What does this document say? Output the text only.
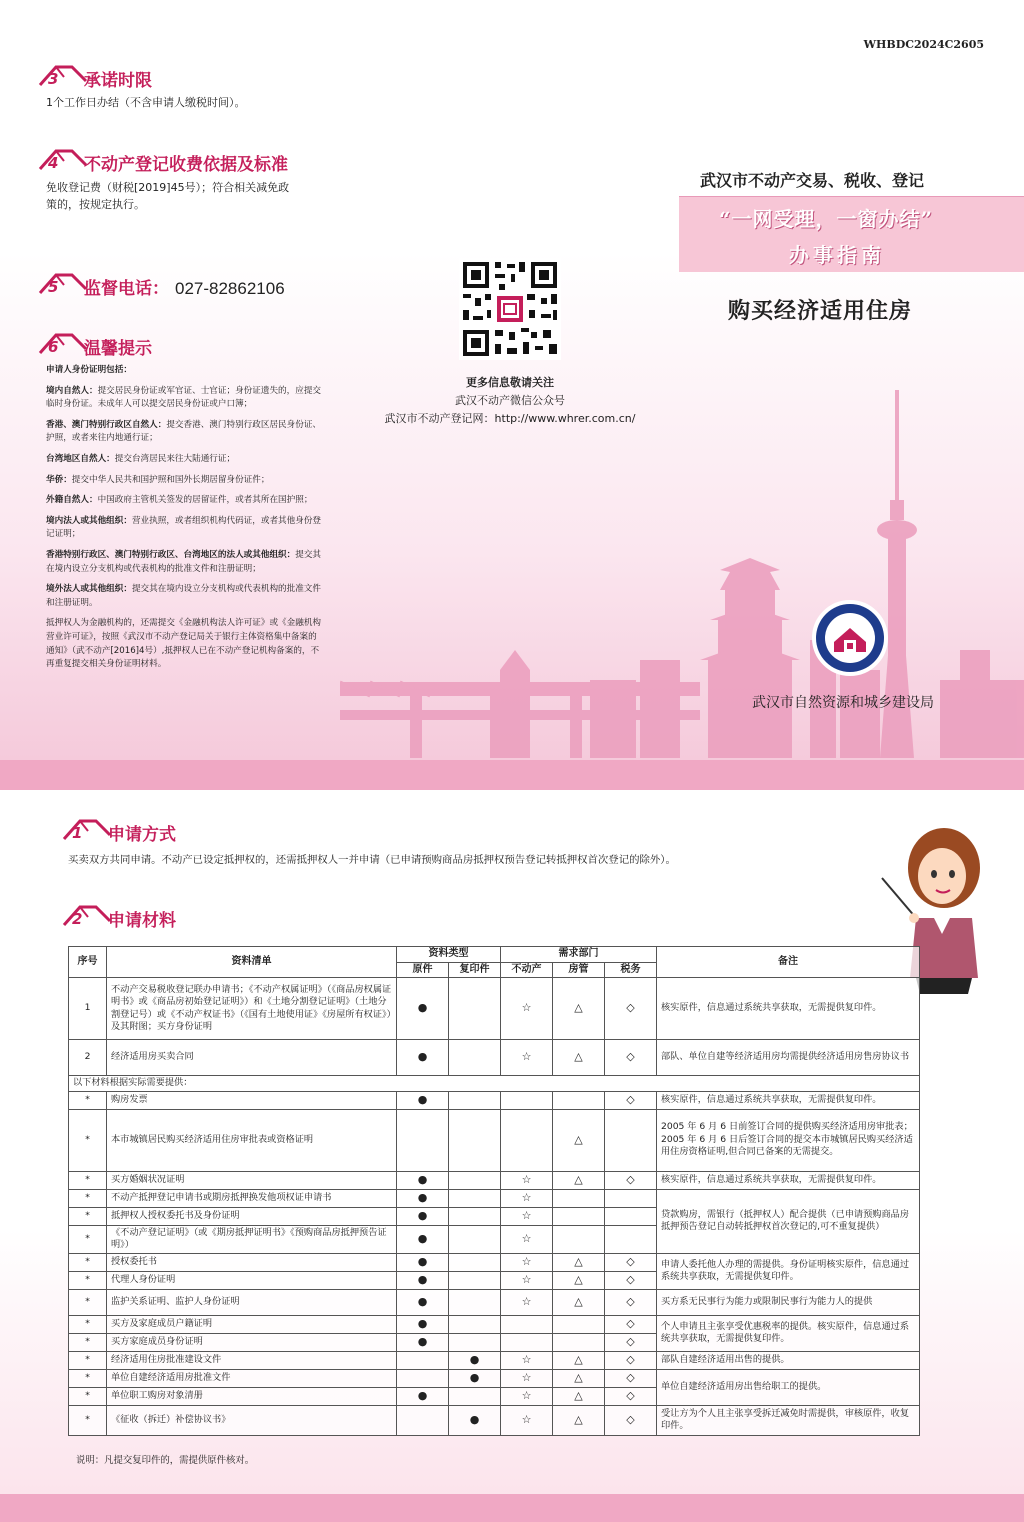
WHBDC2024C2605
3 承诺时限
1个工作日办结（不含申请人缴税时间）。
4 不动产登记收费依据及标准
免收登记费（财税[2019]45号）；符合相关减免政
策的，按规定执行。
5 监督电话： 027-82862106
6 温馨提示

申请人身份证明包括：

境内自然人：提交居民身份证或军官证、士官证；身份证遗失的，应提交临时身份证。未成年人可以提交居民身份证或户口簿；

香港、澳门特别行政区自然人：提交香港、澳门特别行政区居民身份证、护照，或者来往内地通行证；

台湾地区自然人：提交台湾居民来往大陆通行证；

华侨：提交中华人民共和国护照和国外长期居留身份证件；

外籍自然人：中国政府主管机关签发的居留证件，或者其所在国护照；

境内法人或其他组织：营业执照，或者组织机构代码证，或者其他身份登记证明；

香港特别行政区、澳门特别行政区、台湾地区的法人或其他组织：提交其在境内设立分支机构或代表机构的批准文件和注册证明；

境外法人或其他组织：提交其在境内设立分支机构或代表机构的批准文件和注册证明。

抵押权人为金融机构的，还需提交《金融机构法人许可证》或《金融机构营业许可证》，按照《武汉市不动产登记局关于银行主体资格集中备案的通知》（武不动产[2016]4号）,抵押权人已在不动产登记机构备案的，不再重复提交相关身份证明材料。

更多信息敬请关注
武汉不动产微信公众号
武汉市不动产登记网：http://www.whrer.com.cn/
武汉市不动产交易、税收、登记
“一网受理，一窗办结”
办事指南
购买经济适用住房
武汉市自然资源和城乡建设局
1 申请方式
2 申请材料
买卖双方共同申请。不动产已设定抵押权的，还需抵押权人一并申请（已申请预购商品房抵押权预告登记转抵押权首次登记的除外）。
序号	资料清单	资料类型		需求部门			备注
		原件	复印件	不动产	房管	税务	
1	不动产交易税收登记联办申请书；《不动产权属证明》（《商品房权属证明书》或《商品房初始登记证明》）和《土地分割登记证明》（土地分割登记号）或《不动产权证书》（《国有土地使用证》《房屋所有权证》）及其附图；买方身份证明	●		☆	△	◇	核实原件，信息通过系统共享获取，无需提供复印件。
2	经济适用房买卖合同	●		☆	△	◇	部队、单位自建等经济适用房均需提供经济适用房售房协议书
以下材料根据实际需要提供：							
*	购房发票	●				◇	核实原件，信息通过系统共享获取，无需提供复印件。
*	本市城镇居民购买经济适用住房审批表或资格证明				△		2005 年 6 月 6 日前签订合同的提供购买经济适用房审批表；2005 年 6 月 6 日后签订合同的提交本市城镇居民购买经济适用住房资格证明,但合同已备案的无需提交。
*	买方婚姻状况证明	●		☆	△	◇	核实原件，信息通过系统共享获取，无需提供复印件。
*	不动产抵押登记申请书或期房抵押换发他项权证申请书	●		☆			贷款购房，需银行（抵押权人）配合提供（已申请预购商品房抵押预告登记自动转抵押权首次登记的,可不重复提供）
*	抵押权人授权委托书及身份证明	●		☆			
*	《不动产登记证明》（或《期房抵押证明书》《预购商品房抵押预告证明》）	●		☆			
*	授权委托书	●		☆	△	◇	申请人委托他人办理的需提供。身份证明核实原件，信息通过系统共享获取，无需提供复印件。
*	代理人身份证明	●		☆	△	◇	
*	监护关系证明、监护人身份证明	●		☆	△	◇	买方系无民事行为能力或限制民事行为能力人的提供
*	买方及家庭成员户籍证明	●				◇	个人申请且主张享受优惠税率的提供。核实原件，信息通过系统共享获取，无需提供复印件。
*	买方家庭成员身份证明	●				◇	
*	经济适用住房批准建设文件		●	☆	△	◇	部队自建经济适用出售的提供。
*	单位自建经济适用房批准文件		●	☆	△	◇	单位自建经济适用房出售给职工的提供。
*	单位职工购房对象清册	●		☆	△	◇	
*	《征收（拆迁）补偿协议书》		●	☆	△	◇	受让方为个人且主张享受拆迁减免时需提供，审核原件，收复印件。
说明：凡提交复印件的，需提供原件核对。
